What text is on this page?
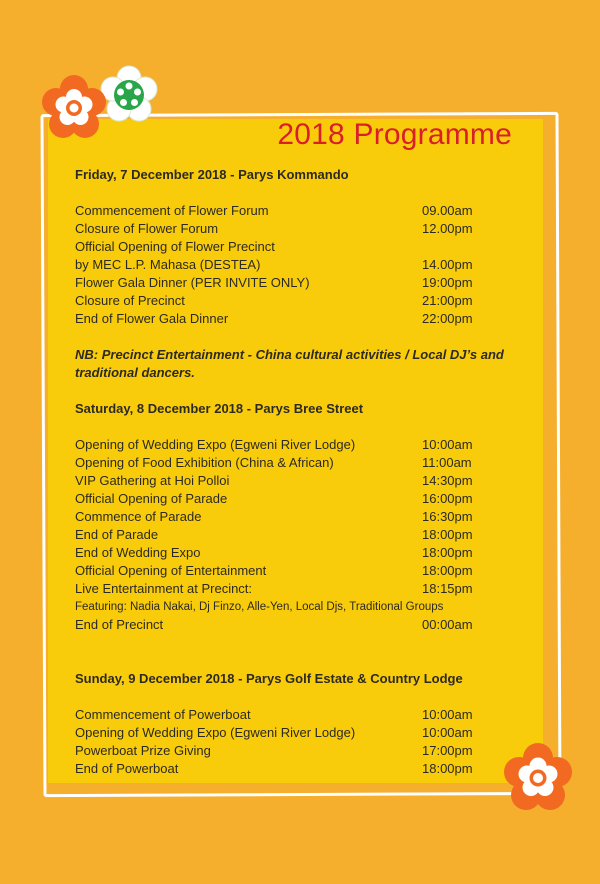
2018 Programme
Friday, 7 December 2018 - Parys Kommando
Commencement of Flower Forum	09.00am
Closure of Flower Forum	12.00pm
Official Opening of Flower Precinct
by MEC L.P. Mahasa (DESTEA)	14.00pm
Flower Gala Dinner (PER INVITE ONLY)	19:00pm
Closure of Precinct	21:00pm
End of Flower Gala Dinner	22:00pm
NB: Precinct Entertainment - China cultural activities / Local DJ’s and traditional dancers.
Saturday, 8 December 2018 - Parys Bree Street
Opening of Wedding Expo (Egweni River Lodge)	10:00am
Opening of Food Exhibition (China & African)	11:00am
VIP Gathering at Hoi Polloi	14:30pm
Official Opening of Parade	16:00pm
Commence of Parade	16:30pm
End of Parade	18:00pm
End of Wedding Expo	18:00pm
Official Opening of Entertainment	18:00pm
Live Entertainment at Precinct:	18:15pm
Featuring: Nadia Nakai, Dj Finzo, Alle-Yen, Local Djs, Traditional Groups
End of Precinct	00:00am
Sunday, 9 December 2018 - Parys Golf Estate & Country Lodge
Commencement of Powerboat	10:00am
Opening of Wedding Expo (Egweni River Lodge)	10:00am
Powerboat Prize Giving	17:00pm
End of Powerboat	18:00pm
